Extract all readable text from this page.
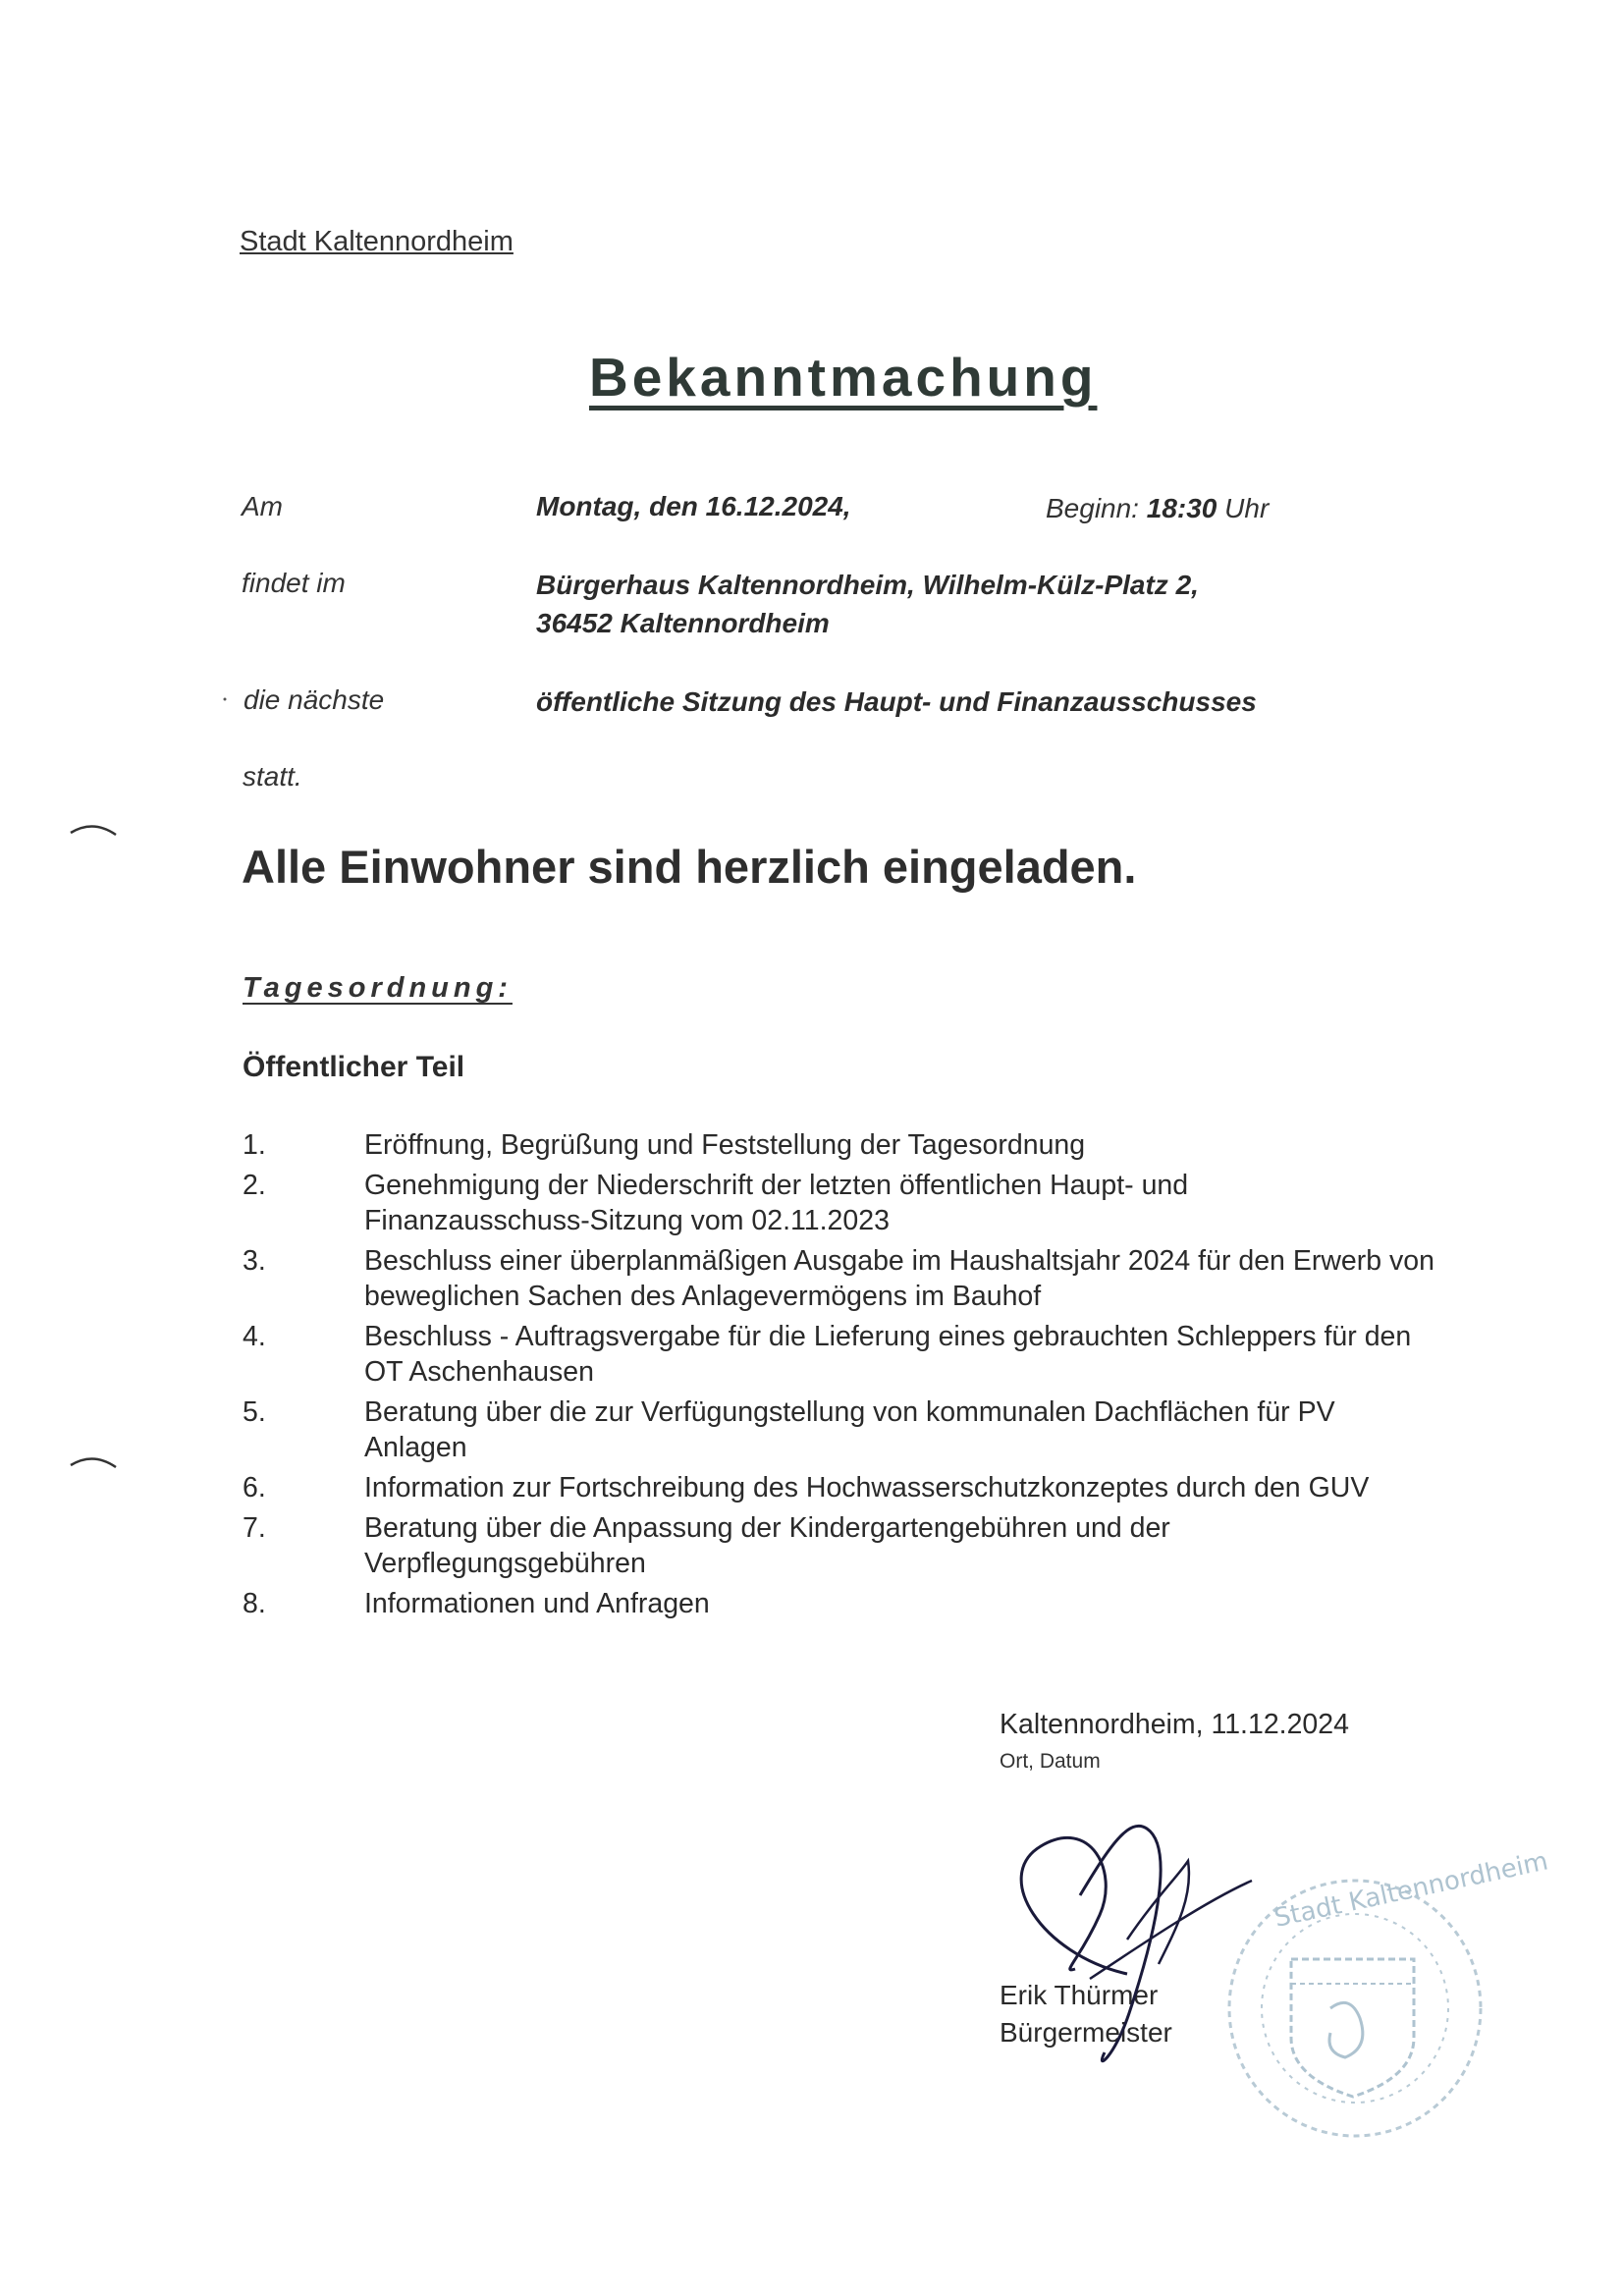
Stadt Kaltennordheim
Bekanntmachung
Am	Montag, den 16.12.2024,	Beginn: 18:30 Uhr
findet im	Bürgerhaus Kaltennordheim, Wilhelm-Külz-Platz 2,
36452 Kaltennordheim
die nächste	öffentliche Sitzung des Haupt- und Finanzausschusses
statt.
Alle Einwohner sind herzlich eingeladen.
Tagesordnung:
Öffentlicher Teil
1.	Eröffnung, Begrüßung und Feststellung der Tagesordnung
2.	Genehmigung der Niederschrift der letzten öffentlichen Haupt- und Finanzausschuss-Sitzung vom 02.11.2023
3.	Beschluss einer überplanmäßigen Ausgabe im Haushaltsjahr 2024 für den Erwerb von beweglichen Sachen des Anlagevermögens im Bauhof
4.	Beschluss - Auftragsvergabe für die Lieferung eines gebrauchten Schleppers für den OT Aschenhausen
5.	Beratung über die zur Verfügungstellung von kommunalen Dachflächen für PV Anlagen
6.	Information zur Fortschreibung des Hochwasserschutzkonzeptes durch den GUV
7.	Beratung über die Anpassung der Kindergartengebühren und der Verpflegungsgebühren
8.	Informationen und Anfragen
Kaltennordheim, 11.12.2024
Ort, Datum
Erik Thürmer
Bürgermeister
Stadt Kaltennordheim
